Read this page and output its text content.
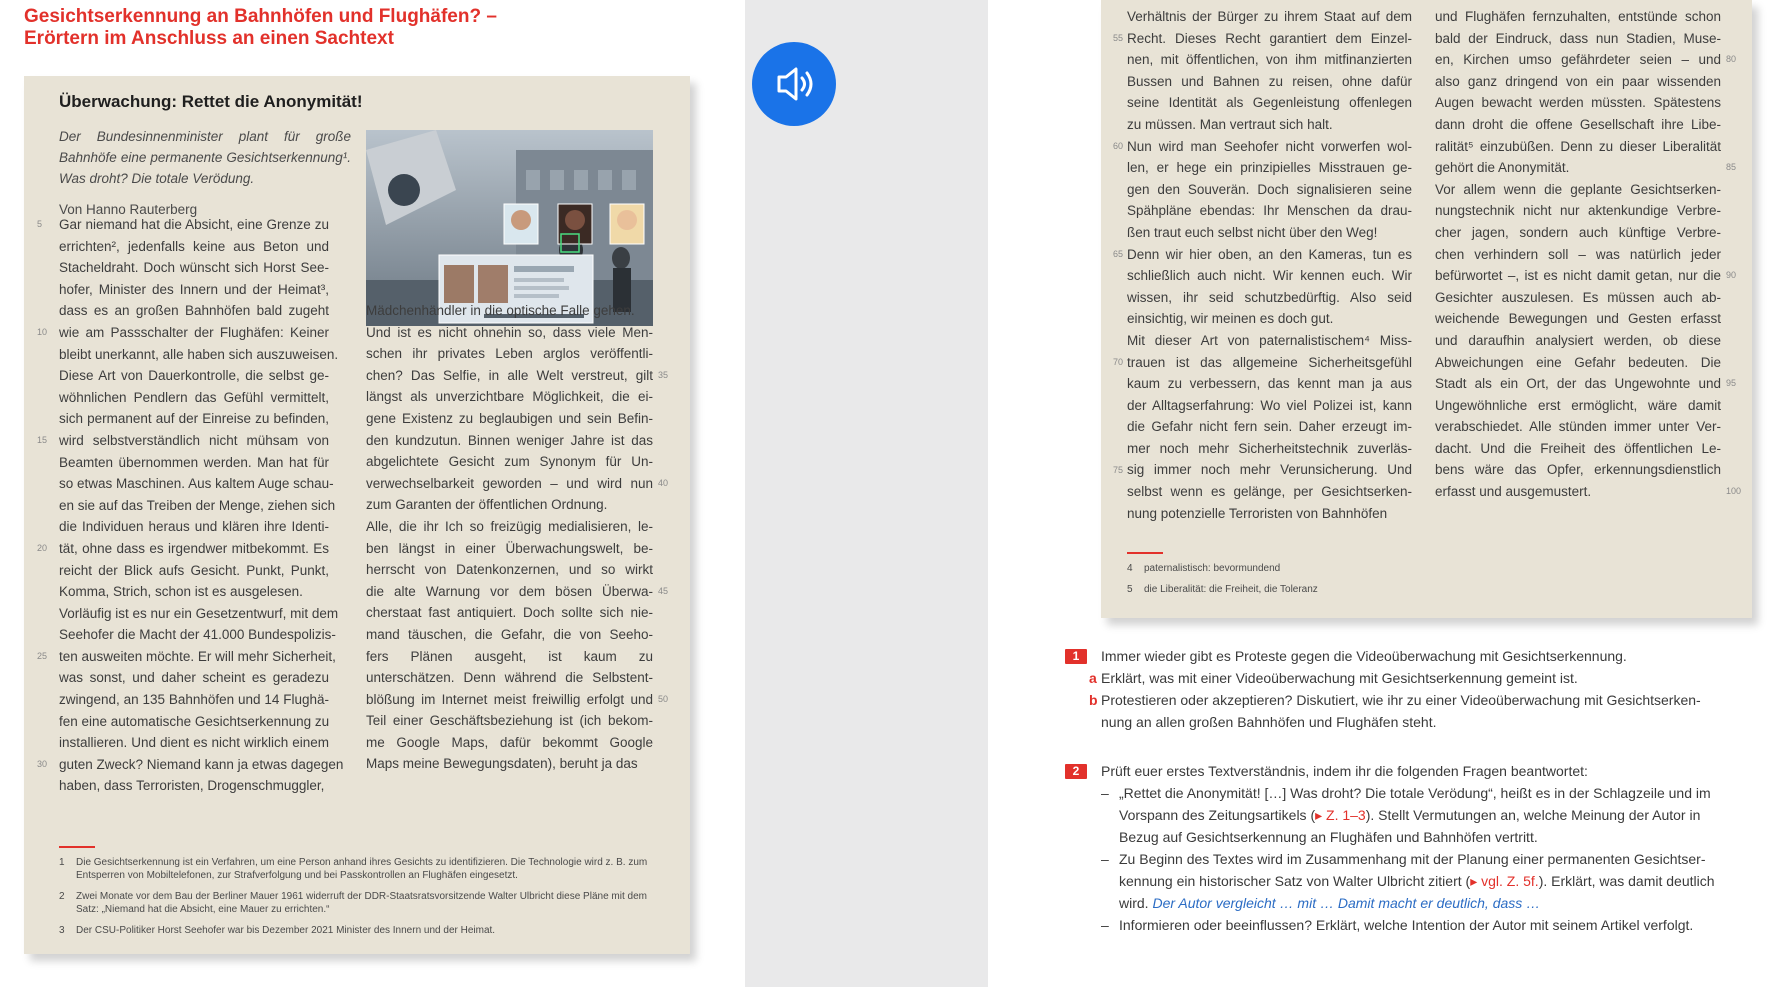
Gesichtserkennung an Bahnhöfen und Flughäfen? –
Erörtern im Anschluss an einen Sachtext
Überwachung: Rettet die Anonymität!
Der Bundesinnenminister plant für große Bahnhöfe eine permanente Gesichtserkennung¹. Was droht? Die totale Verödung.
Von Hanno Rauterberg
Gar niemand hat die Absicht, eine Grenze zu
errichten², jedenfalls keine aus Beton und
Stacheldraht. Doch wünscht sich Horst See-
hofer, Minister des Innern und der Heimat³,
dass es an großen Bahnhöfen bald zugeht
wie am Passschalter der Flughäfen: Keiner
bleibt unerkannt, alle haben sich auszuweisen.
Diese Art von Dauerkontrolle, die selbst ge-
wöhnlichen Pendlern das Gefühl vermittelt,
sich permanent auf der Einreise zu befinden,
wird selbstverständlich nicht mühsam von
Beamten übernommen werden. Man hat für
so etwas Maschinen. Aus kaltem Auge schau-
en sie auf das Treiben der Menge, ziehen sich
die Individuen heraus und klären ihre Identi-
tät, ohne dass es irgendwer mitbekommt. Es
reicht der Blick aufs Gesicht. Punkt, Punkt,
Komma, Strich, schon ist es ausgelesen.
Vorläufig ist es nur ein Gesetzentwurf, mit dem
Seehofer die Macht der 41.000 Bundespolizis-
ten ausweiten möchte. Er will mehr Sicherheit,
was sonst, und daher scheint es geradezu
zwingend, an 135 Bahnhöfen und 14 Flughä-
fen eine automatische Gesichtserkennung zu
installieren. Und dient es nicht wirklich einem
guten Zweck? Niemand kann ja etwas dagegen
haben, dass Terroristen, Drogenschmuggler,
5
10
15
20
25
30
Mädchenhändler in die optische Falle gehen.
Und ist es nicht ohnehin so, dass viele Men-
schen ihr privates Leben arglos veröffentli-
chen? Das Selfie, in alle Welt verstreut, gilt
längst als unverzichtbare Möglichkeit, die ei-
gene Existenz zu beglaubigen und sein Befin-
den kundzutun. Binnen weniger Jahre ist das
abgelichtete Gesicht zum Synonym für Un-
verwechselbarkeit geworden – und wird nun
zum Garanten der öffentlichen Ordnung.
Alle, die ihr Ich so freizügig medialisieren, le-
ben längst in einer Überwachungswelt, be-
herrscht von Datenkonzernen, und so wirkt
die alte Warnung vor dem bösen Überwa-
cherstaat fast antiquiert. Doch sollte sich nie-
mand täuschen, die Gefahr, die von Seeho-
fers Plänen ausgeht, ist kaum zu
unterschätzen. Denn während die Selbstent-
blößung im Internet meist freiwillig erfolgt und
Teil einer Geschäftsbeziehung ist (ich bekom-
me Google Maps, dafür bekommt Google
Maps meine Bewegungsdaten), beruht ja das
35
40
45
50
1 Die Gesichtserkennung ist ein Verfahren, um eine Person anhand ihres Gesichts zu identifizieren. Die Technologie wird z. B. zum Entsperren von Mobiltelefonen, zur Strafverfolgung und bei Passkontrollen an Flughäfen eingesetzt.
2 Zwei Monate vor dem Bau der Berliner Mauer 1961 widerruft der DDR-Staatsratsvorsitzende Walter Ulbricht diese Pläne mit dem Satz: „Niemand hat die Absicht, eine Mauer zu errichten.“
3 Der CSU-Politiker Horst Seehofer war bis Dezember 2021 Minister des Innern und der Heimat.
Verhältnis der Bürger zu ihrem Staat auf dem
Recht. Dieses Recht garantiert dem Einzel-
nen, mit öffentlichen, von ihm mitfinanzierten
Bussen und Bahnen zu reisen, ohne dafür
seine Identität als Gegenleistung offenlegen
zu müssen. Man vertraut sich halt.
Nun wird man Seehofer nicht vorwerfen wol-
len, er hege ein prinzipielles Misstrauen ge-
gen den Souverän. Doch signalisieren seine
Spähpläne ebendas: Ihr Menschen da drau-
ßen traut euch selbst nicht über den Weg!
Denn wir hier oben, an den Kameras, tun es
schließlich auch nicht. Wir kennen euch. Wir
wissen, ihr seid schutzbedürftig. Also seid
einsichtig, wir meinen es doch gut.
Mit dieser Art von paternalistischem⁴ Miss-
trauen ist das allgemeine Sicherheitsgefühl
kaum zu verbessern, das kennt man ja aus
der Alltagserfahrung: Wo viel Polizei ist, kann
die Gefahr nicht fern sein. Daher erzeugt im-
mer noch mehr Sicherheitstechnik zuverläs-
sig immer noch mehr Verunsicherung. Und
selbst wenn es gelänge, per Gesichtserken-
nung potenzielle Terroristen von Bahnhöfen
55
60
65
70
75
und Flughäfen fernzuhalten, entstünde schon
bald der Eindruck, dass nun Stadien, Muse-
en, Kirchen umso gefährdeter seien – und
also ganz dringend von ein paar wissenden
Augen bewacht werden müssten. Spätestens
dann droht die offene Gesellschaft ihre Libe-
ralität⁵ einzubüßen. Denn zu dieser Liberalität
gehört die Anonymität.
Vor allem wenn die geplante Gesichtserken-
nungstechnik nicht nur aktenkundige Verbre-
cher jagen, sondern auch künftige Verbre-
chen verhindern soll – was natürlich jeder
befürwortet –, ist es nicht damit getan, nur die
Gesichter auszulesen. Es müssen auch ab-
weichende Bewegungen und Gesten erfasst
und daraufhin analysiert werden, ob diese
Abweichungen eine Gefahr bedeuten. Die
Stadt als ein Ort, der das Ungewohnte und
Ungewöhnliche erst ermöglicht, wäre damit
verabschiedet. Alle stünden immer unter Ver-
dacht. Und die Freiheit des öffentlichen Le-
bens wäre das Opfer, erkennungsdienstlich
erfasst und ausgemustert.
80
85
90
95
100
4 paternalistisch: bevormundend
5 die Liberalität: die Freiheit, die Toleranz
1	Immer wieder gibt es Proteste gegen die Videoüberwachung mit Gesichtserkennung.
a Erklärt, was mit einer Videoüberwachung mit Gesichtserkennung gemeint ist.
b Protestieren oder akzeptieren? Diskutiert, wie ihr zu einer Videoüberwachung mit Gesichtserken-
nung an allen großen Bahnhöfen und Flughäfen steht.
2	Prüft euer erstes Textverständnis, indem ihr die folgenden Fragen beantwortet:
– „Rettet die Anonymität! […] Was droht? Die totale Verödung“, heißt es in der Schlagzeile und im
Vorspann des Zeitungsartikels (▸ Z. 1–3). Stellt Vermutungen an, welche Meinung der Autor in
Bezug auf Gesichtserkennung an Flughäfen und Bahnhöfen vertritt.
– Zu Beginn des Textes wird im Zusammenhang mit der Planung einer permanenten Gesichtser-
kennung ein historischer Satz von Walter Ulbricht zitiert (▸ vgl. Z. 5f.). Erklärt, was damit deutlich
wird. Der Autor vergleicht … mit … Damit macht er deutlich, dass …
– Informieren oder beeinflussen? Erklärt, welche Intention der Autor mit seinem Artikel verfolgt.
